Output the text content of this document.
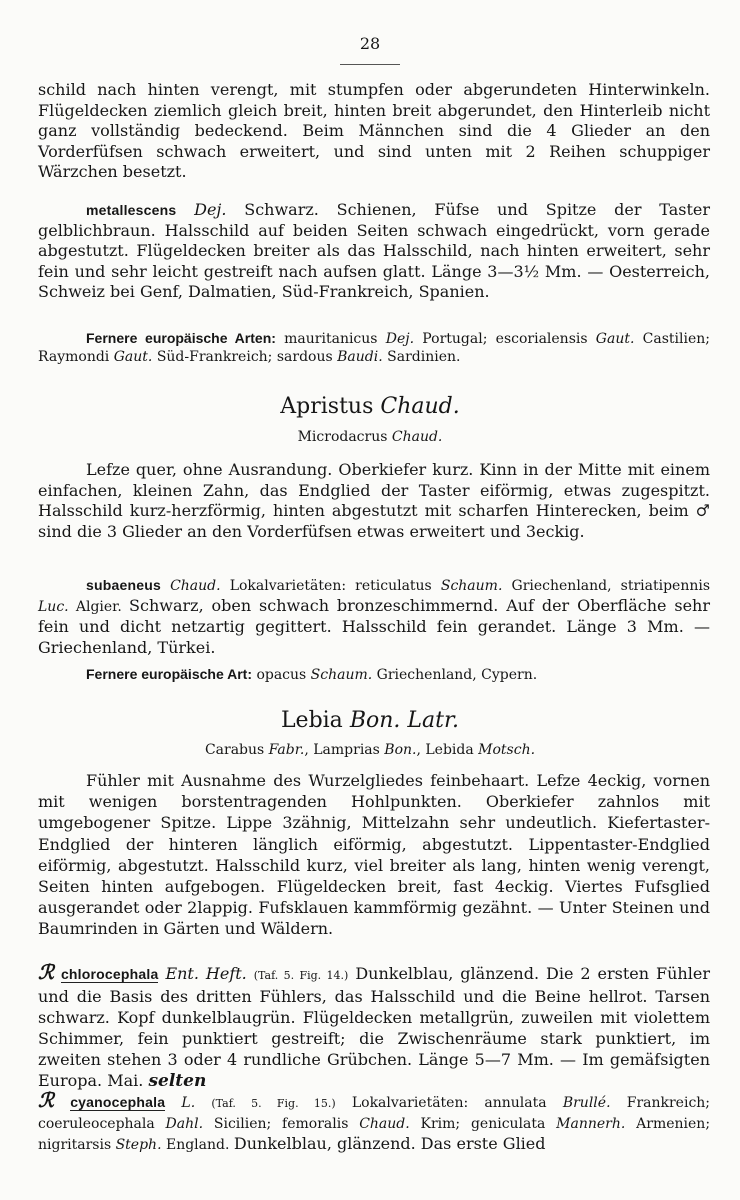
28

schild nach hinten verengt, mit stumpfen oder abgerundeten Hinterwinkeln. Flügeldecken ziemlich gleich breit, hinten breit abgerundet, den Hinterleib nicht ganz vollständig bedeckend. Beim Männchen sind die 4 Glieder an den Vorderfüfsen schwach erweitert, und sind unten mit 2 Reihen schuppiger Wärzchen besetzt.

metallescens Dej. Schwarz. Schienen, Füfse und Spitze der Taster gelblichbraun. Halsschild auf beiden Seiten schwach eingedrückt, vorn gerade abgestutzt. Flügeldecken breiter als das Halsschild, nach hinten erweitert, sehr fein und sehr leicht gestreift nach aufsen glatt. Länge 3—3½ Mm. — Oesterreich, Schweiz bei Genf, Dalmatien, Süd-Frankreich, Spanien.

Fernere europäische Arten: mauritanicus Dej. Portugal; escorialensis Gaut. Castilien; Raymondi Gaut. Süd-Frankreich; sardous Baudi. Sardinien.

Apristus Chaud.
Microdacrus Chaud.

Lefze quer, ohne Ausrandung. Oberkiefer kurz. Kinn in der Mitte mit einem einfachen, kleinen Zahn, das Endglied der Taster eiförmig, etwas zugespitzt. Halsschild kurz-herzförmig, hinten abgestutzt mit scharfen Hinterecken, beim ♂ sind die 3 Glieder an den Vorderfüfsen etwas erweitert und 3eckig.

subaeneus Chaud. Lokalvarietäten: reticulatus Schaum. Griechenland, striatipennis Luc. Algier. Schwarz, oben schwach bronzeschimmernd. Auf der Oberfläche sehr fein und dicht netzartig gegittert. Halsschild fein gerandet. Länge 3 Mm. — Griechenland, Türkei.

Fernere europäische Art: opacus Schaum. Griechenland, Cypern.

Lebia Bon. Latr.
Carabus Fabr., Lamprias Bon., Lebida Motsch.

Fühler mit Ausnahme des Wurzelgliedes feinbehaart. Lefze 4eckig, vornen mit wenigen borstentragenden Hohlpunkten. Oberkiefer zahnlos mit umgebogener Spitze. Lippe 3zähnig, Mittelzahn sehr undeutlich. Kiefertaster-Endglied der hinteren länglich eiförmig, abgestutzt. Lippentaster-Endglied eiförmig, abgestutzt. Halsschild kurz, viel breiter als lang, hinten wenig verengt, Seiten hinten aufgebogen. Flügeldecken breit, fast 4eckig. Viertes Fufsglied ausgerandet oder 2lappig. Fufsklauen kammförmig gezähnt. — Unter Steinen und Baumrinden in Gärten und Wäldern.

ℛ chlorocephala Ent. Heft. (Taf. 5. Fig. 14.) Dunkelblau, glänzend. Die 2 ersten Fühler und die Basis des dritten Fühlers, das Halsschild und die Beine hellrot. Tarsen schwarz. Kopf dunkelblaugrün. Flügeldecken metallgrün, zuweilen mit violettem Schimmer, fein punktiert gestreift; die Zwischenräume stark punktiert, im zweiten stehen 3 oder 4 rundliche Grübchen. Länge 5—7 Mm. — Im gemäfsigten Europa. Mai. selten

ℛ cyanocephala L. (Taf. 5. Fig. 15.) Lokalvarietäten: annulata Brullé. Frankreich; coeruleocephala Dahl. Sicilien; femoralis Chaud. Krim; geniculata Mannerh. Armenien; nigritarsis Steph. England. Dunkelblau, glänzend. Das erste Glied
